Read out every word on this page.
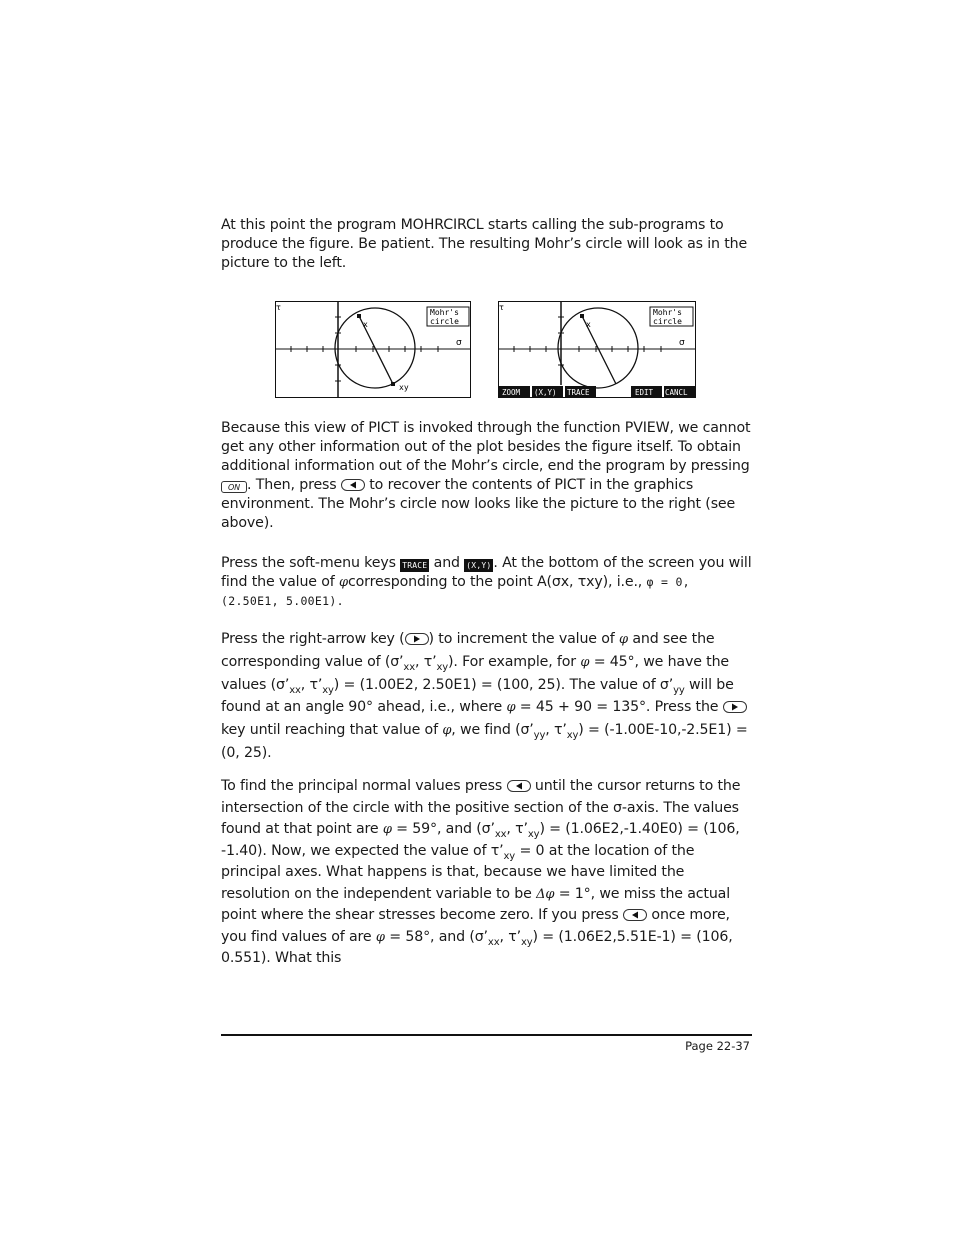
At this point the program MOHRCIRCL starts calling the sub-programs to produce the figure. Be patient. The resulting Mohr’s circle will look as in the picture to the left.

x
xy
τ
σ
Mohr's
circle	x
τ
σ
Mohr's
circle
ZOOM (X,Y) TRACE	EDIT CANCL

Because this view of PICT is invoked through the function PVIEW, we cannot get any other information out of the plot besides the figure itself. To obtain additional information out of the Mohr’s circle, end the program by pressing ON . Then, press to recover the contents of PICT in the graphics environment. The Mohr’s circle now looks like the picture to the right (see above).

Press the soft-menu keys TRACE and (X,Y) . At the bottom of the screen you will find the value of φcorresponding to the point A(σx, τxy), i.e., φ = 0, (2.50E1, 5.00E1).

Press the right-arrow key ( ) to increment the value of φ and see the corresponding value of ($\sigma’_{xx}$, $\tau’_{xy}$). For example, for φ = 45°, we have the values ($\sigma’_{xx}$, $\tau’_{xy}) = (1.00E2$, 2.50E1) = (100, 25). The value of $\sigma’_{yy}$ will be found at an angle 90° ahead, i.e., where φ = 45 + 90 = 135°. Press the
key until reaching that value of φ, we find ($\sigma’_{yy}$, $\tau’_{xy}) = (-1.00E-10,-2.5E1) = (0$, 25).

To find the principal normal values press until the cursor returns to the intersection of the circle with the positive section of the σ-axis. The values found at that point are φ = 59°, and ($\sigma’_{xx}$, $\tau’_{xy}) = (1.06E2,-1.40E0) = (106$, -1.40). Now, we expected the value of $\tau’_{xy} = 0$ at the location of the principal axes. What happens is that, because we have limited the resolution on the independent variable to be Δφ = 1°, we miss the actual point where the shear stresses become zero. If you press once more, you find values of are φ = 58°, and ($\sigma’_{xx}$, $\tau’_{xy}) = (1.06E2,5.51E-1) = (106$, 0.551). What this

Page 22-37
